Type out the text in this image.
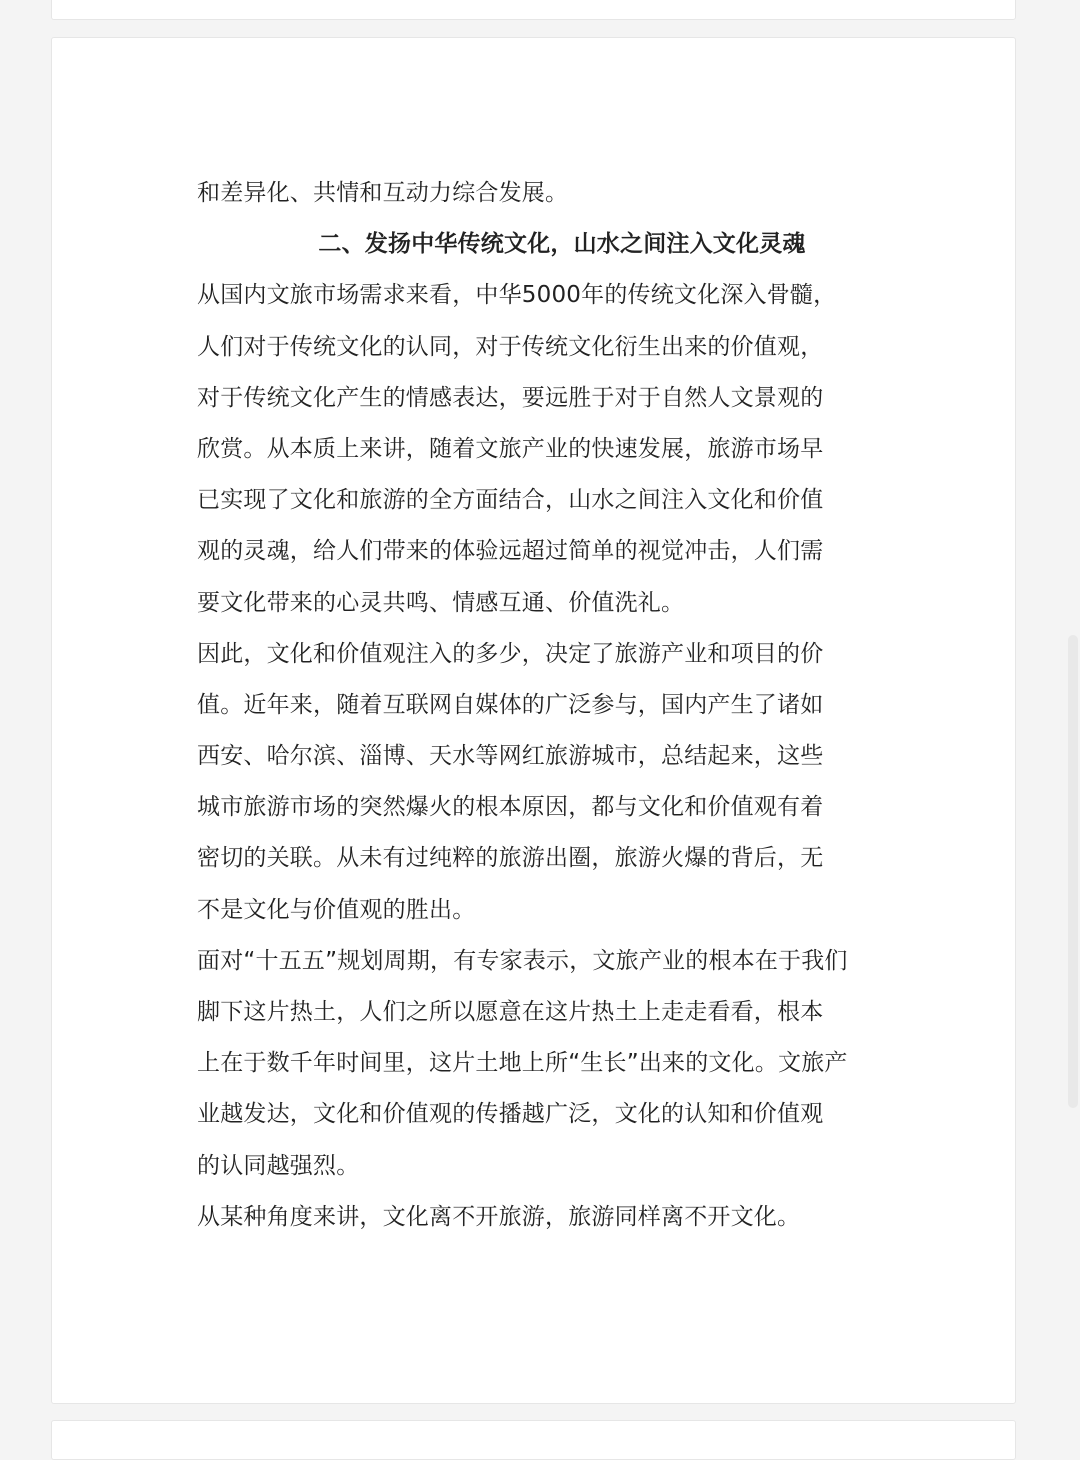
和差异化、共情和互动力综合发展。
二、发扬中华传统文化，山水之间注入文化灵魂
从国内文旅市场需求来看，中华5000年的传统文化深入骨髓，
人们对于传统文化的认同，对于传统文化衍生出来的价值观，
对于传统文化产生的情感表达，要远胜于对于自然人文景观的
欣赏。从本质上来讲，随着文旅产业的快速发展，旅游市场早
已实现了文化和旅游的全方面结合，山水之间注入文化和价值
观的灵魂，给人们带来的体验远超过简单的视觉冲击，人们需
要文化带来的心灵共鸣、情感互通、价值洗礼。
因此，文化和价值观注入的多少，决定了旅游产业和项目的价
值。近年来，随着互联网自媒体的广泛参与，国内产生了诸如
西安、哈尔滨、淄博、天水等网红旅游城市，总结起来，这些
城市旅游市场的突然爆火的根本原因，都与文化和价值观有着
密切的关联。从未有过纯粹的旅游出圈，旅游火爆的背后，无
不是文化与价值观的胜出。
面对“十五五”规划周期，有专家表示，文旅产业的根本在于我们
脚下这片热土，人们之所以愿意在这片热土上走走看看，根本
上在于数千年时间里，这片土地上所“生长”出来的文化。文旅产
业越发达，文化和价值观的传播越广泛，文化的认知和价值观
的认同越强烈。
从某种角度来讲，文化离不开旅游，旅游同样离不开文化。
